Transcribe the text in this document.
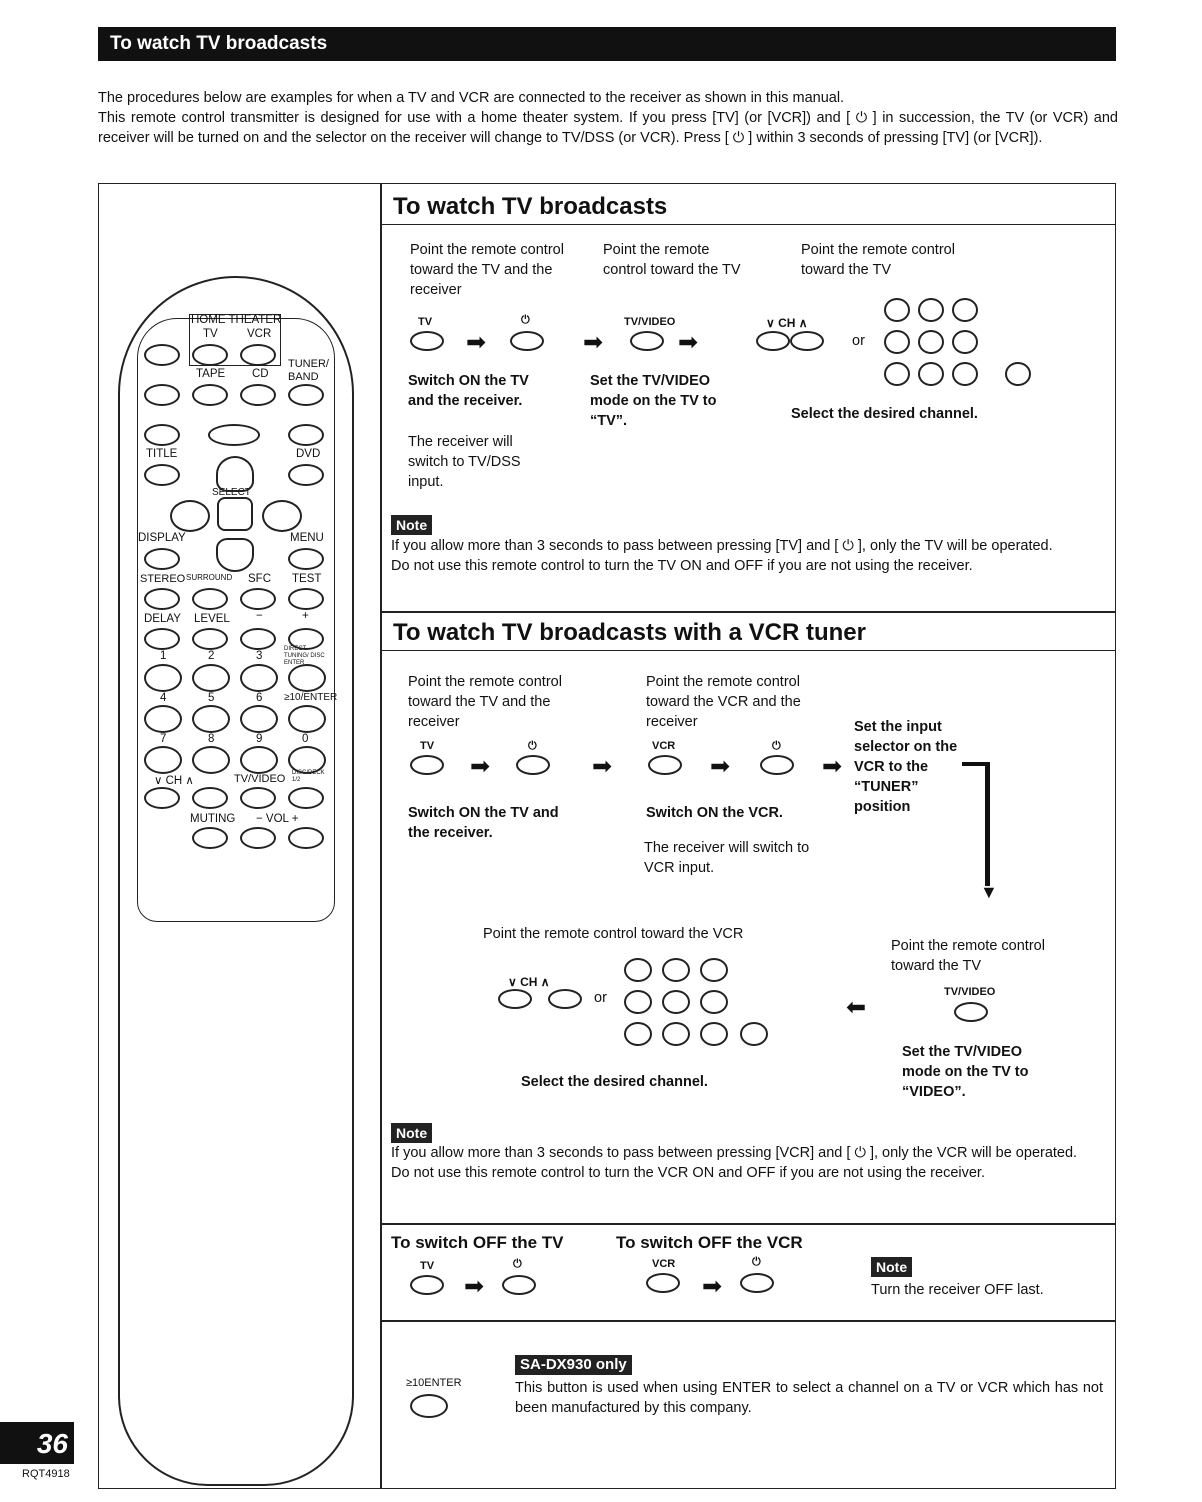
To watch TV broadcasts

The procedures below are examples for when a TV and VCR are connected to the receiver as shown in this manual.

This remote control transmitter is designed for use with a home theater system. If you press [TV] (or [VCR]) and [ ⏻ ] in succession, the TV (or VCR) and receiver will be turned on and the selector on the receiver will change to TV/DSS (or VCR). Press [ ⏻ ] within 3 seconds of pressing [TV] (or [VCR]).

HOME THEATER
TV	VCR
TUNER/ BAND
TAPE CD
TITLE	DVD
SELECT
DISPLAY	MENU
STEREO SURROUND SFC TEST
DELAY LEVEL −	+
1	2	3
DIRECT TUNING/ DISC ENTER
4	5	6 ≥10/ENTER
7	8	9	0
∨ CH ∧	TV/VIDEO DISC/DECK 1/2
MUTING − VOL +
To watch TV broadcasts
Point the remote control toward the TV and the receiver
Point the remote control toward the TV
Point the remote control toward the TV
TV
➡
⏻
➡
TV/VIDEO
➡
∨ CH ∧
or
Switch ON the TV and the receiver.
Set the TV/VIDEO mode on the TV to “TV”.	Select the desired channel.
The receiver will switch to TV/DSS input.
Note
If you allow more than 3 seconds to pass between pressing [TV] and [ ⏻ ], only the TV will be operated.
Do not use this remote control to turn the TV ON and OFF if you are not using the receiver.
To watch TV broadcasts with a VCR tuner
Point the remote control toward the TV and the receiver
Point the remote control toward the VCR and the receiver
TV
➡
⏻
➡
VCR
➡
⏻
➡
Set the input selector on the VCR to the “TUNER” position
▼
Switch ON the TV and the receiver.
Switch ON the VCR.
The receiver will switch to VCR input.
Point the remote control toward the VCR
Point the remote control toward the TV
∨ CH ∧
or	⬅
TV/VIDEO
Select the desired channel.
Set the TV/VIDEO mode on the TV to “VIDEO”.
Note
If you allow more than 3 seconds to pass between pressing [VCR] and [ ⏻ ], only the VCR will be operated.
Do not use this remote control to turn the VCR ON and OFF if you are not using the receiver.
To switch OFF the TV	To switch OFF the VCR
TV
➡
⏻	VCR
➡
⏻	Note
Turn the receiver OFF last.
SA-DX930 only
≥10ENTER	This button is used when using ENTER to select a channel on a TV or VCR which has not been manufactured by this company.
36
RQT4918
